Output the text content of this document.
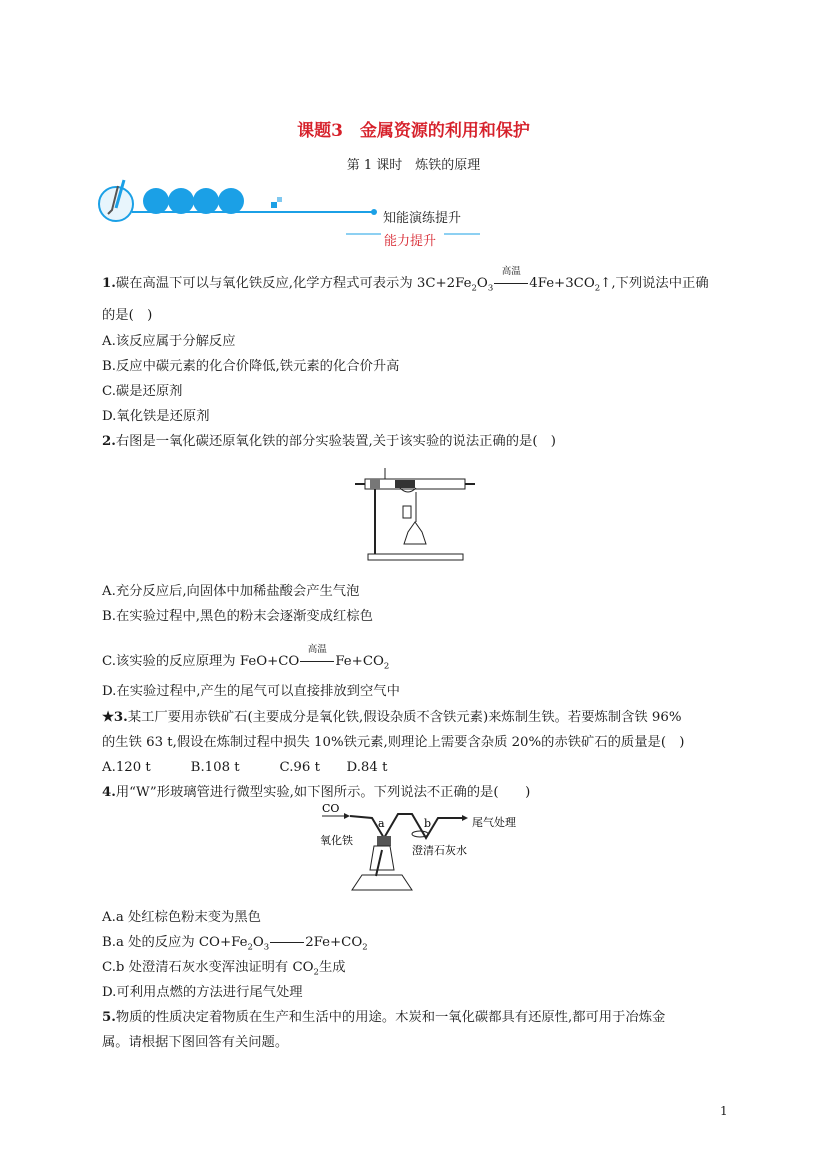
课题3　金属资源的利用和保护
第 1 课时　炼铁的原理
知能演练提升
能力提升
1.碳在高温下可以与氧化铁反应,化学方程式可表示为 $3C+2Fe_2O_3$
高温
$4Fe+3CO_2↑$,下列说法中正确
的是(　)
A.该反应属于分解反应
B.反应中碳元素的化合价降低,铁元素的化合价升高
C.碳是还原剂
D.氧化铁是还原剂
2.右图是一氧化碳还原氧化铁的部分实验装置,关于该实验的说法正确的是(　)
A.充分反应后,向固体中加稀盐酸会产生气泡
B.在实验过程中,黑色的粉末会逐渐变成红棕色
C.该实验的反应原理为 FeO+CO
高温
$Fe+CO_2$
D.在实验过程中,产生的尾气可以直接排放到空气中
★3.某工厂要用赤铁矿石(主要成分是氧化铁,假设杂质不含铁元素)来炼制生铁。若要炼制含铁 96%
的生铁 63 t,假设在炼制过程中损失 10%铁元素,则理论上需要含杂质 20%的赤铁矿石的质量是(　)
A.120 t　　　B.108 t　　　C.96 t　　D.84 t
4.用“W”形玻璃管进行微型实验,如下图所示。下列说法不正确的是(　　)
CO
a	b	尾气处理
氧化铁
澄清石灰水
A.a 处红棕色粉末变为黑色
B.a 处的反应为 $CO+Fe_2O_3$	$2Fe+CO_2$
C.b 处澄清石灰水变浑浊证明有 $CO_2$生成
D.可利用点燃的方法进行尾气处理
5.物质的性质决定着物质在生产和生活中的用途。木炭和一氧化碳都具有还原性,都可用于冶炼金
属。请根据下图回答有关问题。
1
